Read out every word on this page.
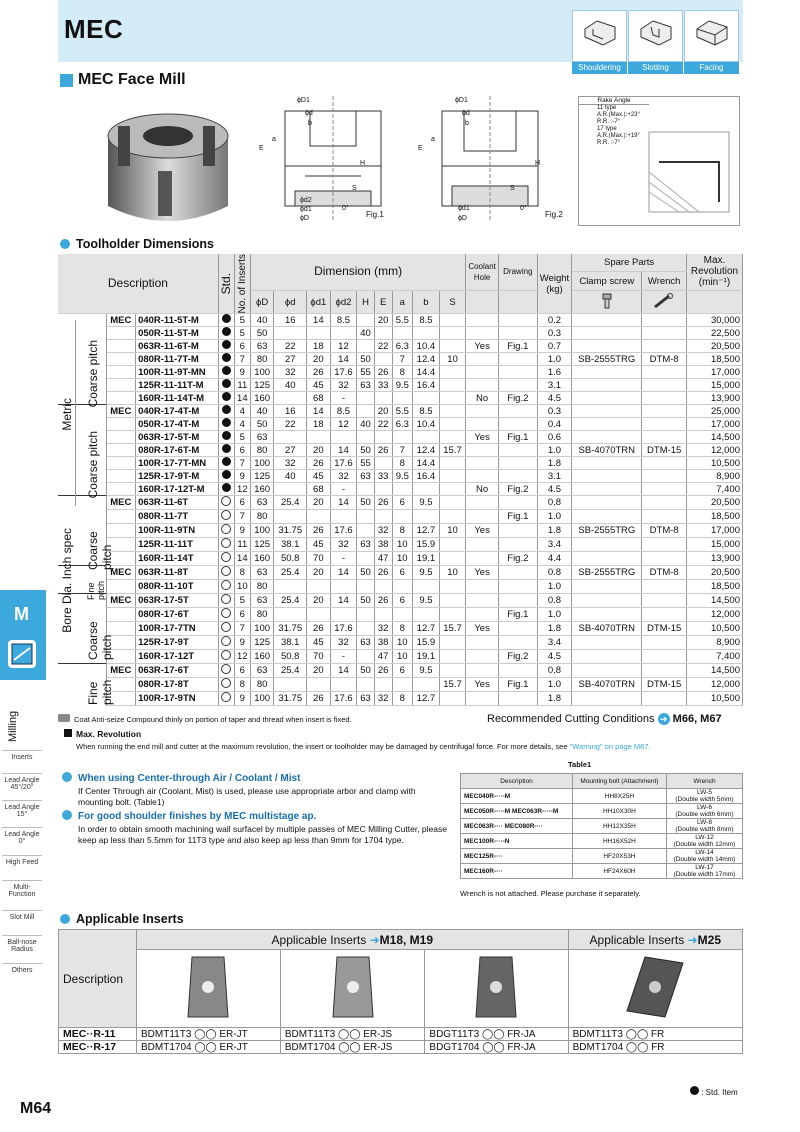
MEC
Shouldering	Slotting	Facing
MEC Face Mill
ϕD1
ϕd
b
a
E
H
S
ϕd2
ϕd1
ϕD
0°
Fig.1
ϕD1
ϕd
b
a
E
H
S
ϕd1
ϕD
0°
Fig.2
Rake Angle
11 type
A.R.(Max.):+23°
R.R. :-7°
17 type
A.R.(Max.):+19°
R.R. :-7°
Toolholder Dimensions
Description			Std.	No. of Inserts	Dimension (mm)									Coolant Hole	Drawing	Weight (kg)	Spare Parts		Max. Revolution (min⁻¹)
																	Clamp screw	Wrench	
					ϕD	ϕd	ϕd1	ϕd2	H	E	a	b	S					
	MEC	040R-11-5T-M		5	40	16	14	8.5		20	5.5	8.5				0.2			30,000
		050R-11-5T-M		5	50				40							0.3			22,500
		063R-11-6T-M		6	63	22	18	12		22	6.3	10.4		Yes	Fig.1	0.7			20,500
		080R-11-7T-M		7	80	27	20	14	50		7	12.4	10			1.0	SB-2555TRG	DTM-8	18,500
		100R-11-9T-MN		9	100	32	26	17.6	55	26	8	14.4				1.6			17,000
		125R-11-11T-M		11	125	40	45	32	63	33	9.5	16.4				3.1			15,000
		160R-11-14T-M		14	160		68	-						No	Fig.2	4.5			13,900
	MEC	040R-17-4T-M		4	40	16	14	8.5		20	5.5	8.5				0.3			25,000
		050R-17-4T-M		4	50	22	18	12	40	22	6.3	10.4				0.4			17,000
		063R-17-5T-M		5	63									Yes	Fig.1	0.6			14,500
		080R-17-6T-M		6	80	27	20	14	50	26	7	12.4	15.7			1.0	SB-4070TRN	DTM-15	12,000
		100R-17-7T-MN		7	100	32	26	17.6	55		8	14.4				1.8			10,500
		125R-17-9T-M		9	125	40	45	32	63	33	9.5	16.4				3.1			8,900
		160R-17-12T-M		12	160		68	-						No	Fig.2	4.5			7,400
	MEC	063R-11-6T		6	63	25.4	20	14	50	26	6	9.5				0.8			20,500
		080R-11-7T		7	80										Fig.1	1.0			18,500
		100R-11-9TN		9	100	31.75	26	17.6		32	8	12.7	10	Yes		1.8	SB-2555TRG	DTM-8	17,000
		125R-11-11T		11	125	38.1	45	32	63	38	10	15.9				3.4			15,000
		160R-11-14T		14	160	50.8	70	-		47	10	19.1			Fig.2	4.4			13,900
	MEC	063R-11-8T		8	63	25.4	20	14	50	26	6	9.5	10	Yes		0.8	SB-2555TRG	DTM-8	20,500
		080R-11-10T		10	80											1.0			18,500
	MEC	063R-17-5T		5	63	25.4	20	14	50	26	6	9.5				0.8			14,500
		080R-17-6T		6	80										Fig.1	1.0			12,000
		100R-17-7TN		7	100	31.75	26	17.6		32	8	12.7	15.7	Yes		1.8	SB-4070TRN	DTM-15	10,500
		125R-17-9T		9	125	38.1	45	32	63	38	10	15.9				3.4			8,900
		160R-17-12T		12	160	50.8	70	-		47	10	19.1			Fig.2	4.5			7,400
	MEC	063R-17-6T		6	63	25.4	20	14	50	26	6	9.5				0.8			14,500
		080R-17-8T		8	80								15.7	Yes	Fig.1	1.0	SB-4070TRN	DTM-15	12,000
		100R-17-9TN		9	100	31.75	26	17.6	63	32	8	12.7				1.8			10,500
Metric
Coarse pitch
Coarse pitch
Bore Dia. Inch spec Coarse pitch
Fine pitch
Coarse pitch
Fine pitch
Coat Anti-seize Compound thinly on portion of taper and thread when insert is fixed.	Recommended Cutting Conditions ➜ M66, M67
Max. Revolution
When running the end mill and cutter at the maximum revolution, the insert or toolholder may be damaged by centrifugal force. For more details, see "Warning" on page M67.
When using Center-through Air / Coolant / Mist
If Center Through air (Coolant, Mist) is used, please use appropriate arbor and clamp with mounting bolt. (Table1)
For good shoulder finishes by MEC multistage ap.
In order to obtain smooth machining wall surfacel by multiple passes of MEC Milling Cutter, please keep ap less than 5.5mm for 11T3 type and also keep ap less than 9mm for 1704 type.
Table1
Description	Mounting bolt (Attachment)	Wrench
MEC040R-···-M	HH8X25H	LW-5
(Double width 5mm)

MEC050R-···-M MEC063R-···-M	HH10X30H	LW-6
(Double width 6mm)

MEC063R-··· MEC080R-···	HH12X35H	LW-8
(Double width 8mm)

MEC100R-···-N	HH16X52H	LW-12
(Double width 12mm)

MEC125R-···	HF20X53H	LW-14
(Double width 14mm)

MEC160R-···	HF24X60H	LW-17
(Double width 17mm)
Wrench is not attached. Please purchase it separately.
Applicable Inserts
Description	Applicable Inserts ➜M18, M19			Applicable Inserts ➜M25

MEC··R-11	BDMT11T3 ◯◯ ER-JT	BDMT11T3 ◯◯ ER-JS	BDGT11T3 ◯◯ FR-JA	BDMT11T3 ◯◯ FR
MEC··R-17	BDMT1704 ◯◯ ER-JT	BDMT1704 ◯◯ ER-JS	BDGT1704 ◯◯ FR-JA	BDMT1704 ◯◯ FR
M
Milling
Inserts
Lead Angle 45°/20°
Lead Angle 15°
Lead Angle 0°
High Feed
Multi-Function
Slot Mill
Ball-nose Radius
Others
M64
: Std. Item
